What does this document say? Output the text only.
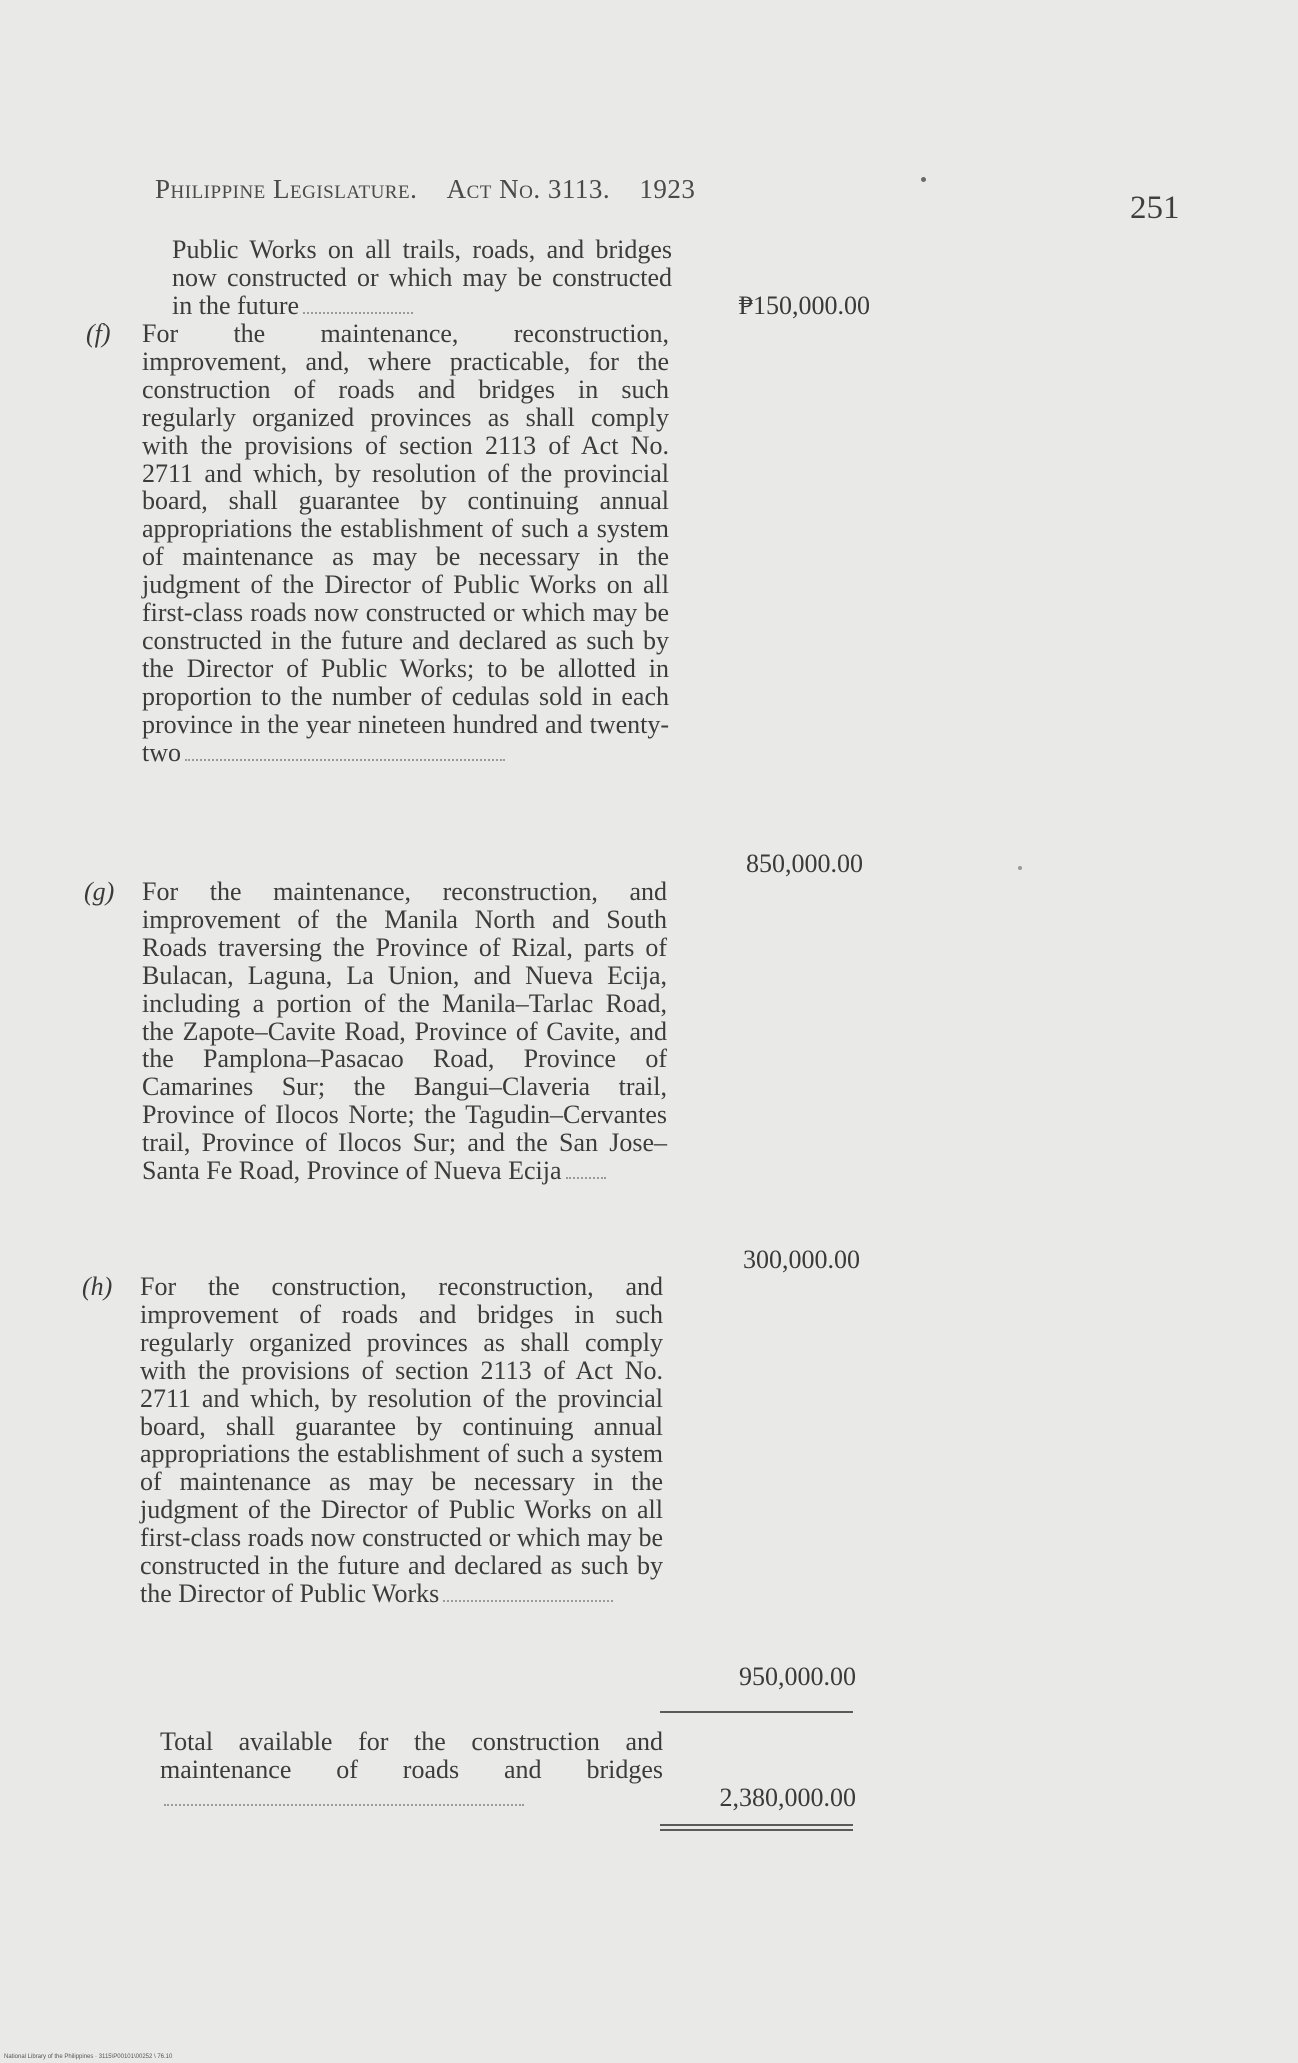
Philippine Legislature. Act No. 3113. 1923
251
Public Works on all trails, roads, and bridges now constructed or which may be constructed in the future	₱150,000.00
(f) For the maintenance, reconstruction, improvement, and, where practicable, for the construction of roads and bridges in such regularly organized provinces as shall comply with the provisions of section 2113 of Act No. 2711 and which, by resolution of the provincial board, shall guarantee by continuing annual appropriations the establishment of such a system of maintenance as may be necessary in the judgment of the Director of Public Works on all first-class roads now constructed or which may be constructed in the future and declared as such by the Director of Public Works; to be allotted in proportion to the number of cedulas sold in each province in the year nineteen hundred and twenty-two
850,000.00
(g) For the maintenance, reconstruction, and improvement of the Manila North and South Roads traversing the Province of Rizal, parts of Bulacan, Laguna, La Union, and Nueva Ecija, including a portion of the Manila–Tarlac Road, the Zapote–Cavite Road, Province of Cavite, and the Pamplona–Pasacao Road, Province of Camarines Sur; the Bangui–Claveria trail, Province of Ilocos Norte; the Tagudin–Cervantes trail, Province of Ilocos Sur; and the San Jose–Santa Fe Road, Province of Nueva Ecija
300,000.00
(h) For the construction, reconstruction, and improvement of roads and bridges in such regularly organized provinces as shall comply with the provisions of section 2113 of Act No. 2711 and which, by resolution of the provincial board, shall guarantee by continuing annual appropriations the establishment of such a system of maintenance as may be necessary in the judgment of the Director of Public Works on all first-class roads now constructed or which may be constructed in the future and declared as such by the Director of Public Works
950,000.00
Total available for the construction and maintenance of roads and bridges
2,380,000.00
National Library of the Philippines · 3115\P00101\00252 \ 76.10
